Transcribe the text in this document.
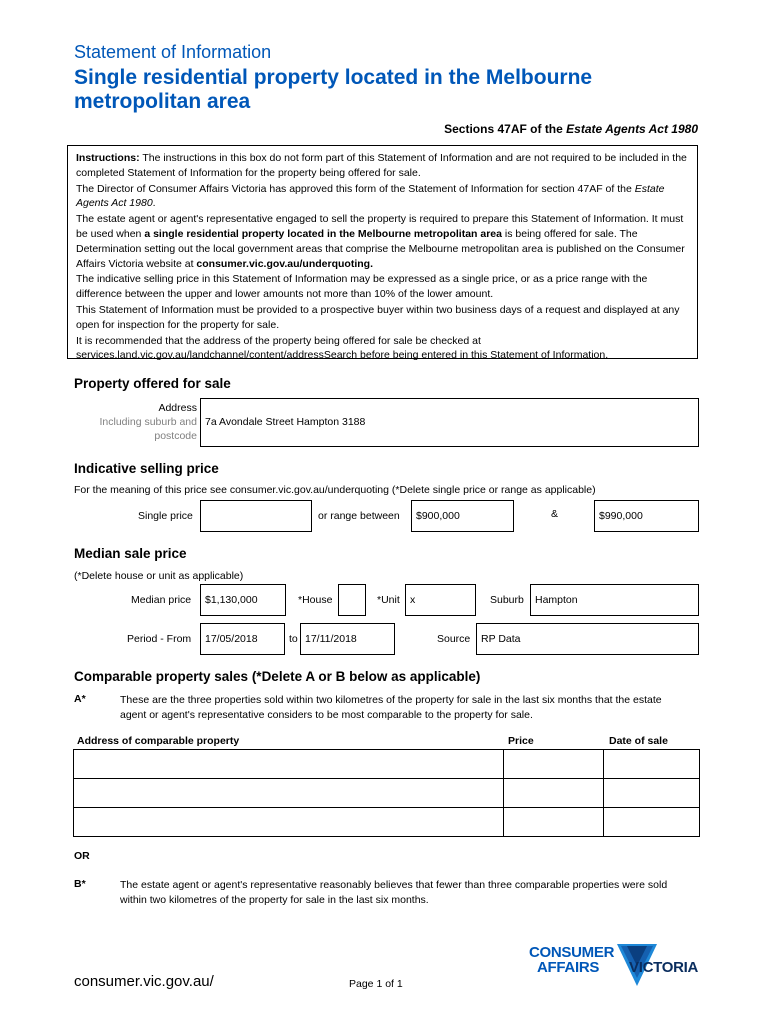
Statement of Information
Single residential property located in the Melbourne metropolitan area
Sections 47AF of the Estate Agents Act 1980

Instructions: The instructions in this box do not form part of this Statement of Information and are not required to be included in the completed Statement of Information for the property being offered for sale.

The Director of Consumer Affairs Victoria has approved this form of the Statement of Information for section 47AF of the Estate Agents Act 1980.

The estate agent or agent's representative engaged to sell the property is required to prepare this Statement of Information. It must be used when a single residential property located in the Melbourne metropolitan area is being offered for sale. The Determination setting out the local government areas that comprise the Melbourne metropolitan area is published on the Consumer Affairs Victoria website at consumer.vic.gov.au/underquoting.

The indicative selling price in this Statement of Information may be expressed as a single price, or as a price range with the difference between the upper and lower amounts not more than 10% of the lower amount.

This Statement of Information must be provided to a prospective buyer within two business days of a request and displayed at any open for inspection for the property for sale.

It is recommended that the address of the property being offered for sale be checked at services.land.vic.gov.au/landchannel/content/addressSearch before being entered in this Statement of Information.

Property offered for sale
Address
Including suburb and
postcode
7a Avondale Street Hampton 3188
Indicative selling price
For the meaning of this price see consumer.vic.gov.au/underquoting (*Delete single price or range as applicable)
Single price	or range between	$900,000	&	$990,000
Median sale price
(*Delete house or unit as applicable)
Median price	$1,130,000	*House	*Unit x	Suburb	Hampton
Period - From	17/05/2018	to 17/11/2018	Source	RP Data
Comparable property sales (*Delete A or B below as applicable)
A*	These are the three properties sold within two kilometres of the property for sale in the last six months that the estate agent or agent's representative considers to be most comparable to the property for sale.
Address of comparable property	Price	Date of sale

OR
B*	The estate agent or agent's representative reasonably believes that fewer than three comparable properties were sold within two kilometres of the property for sale in the last six months.
CONSUMER
AFFAIRS VICTORIA
consumer.vic.gov.au/	Page 1 of 1
